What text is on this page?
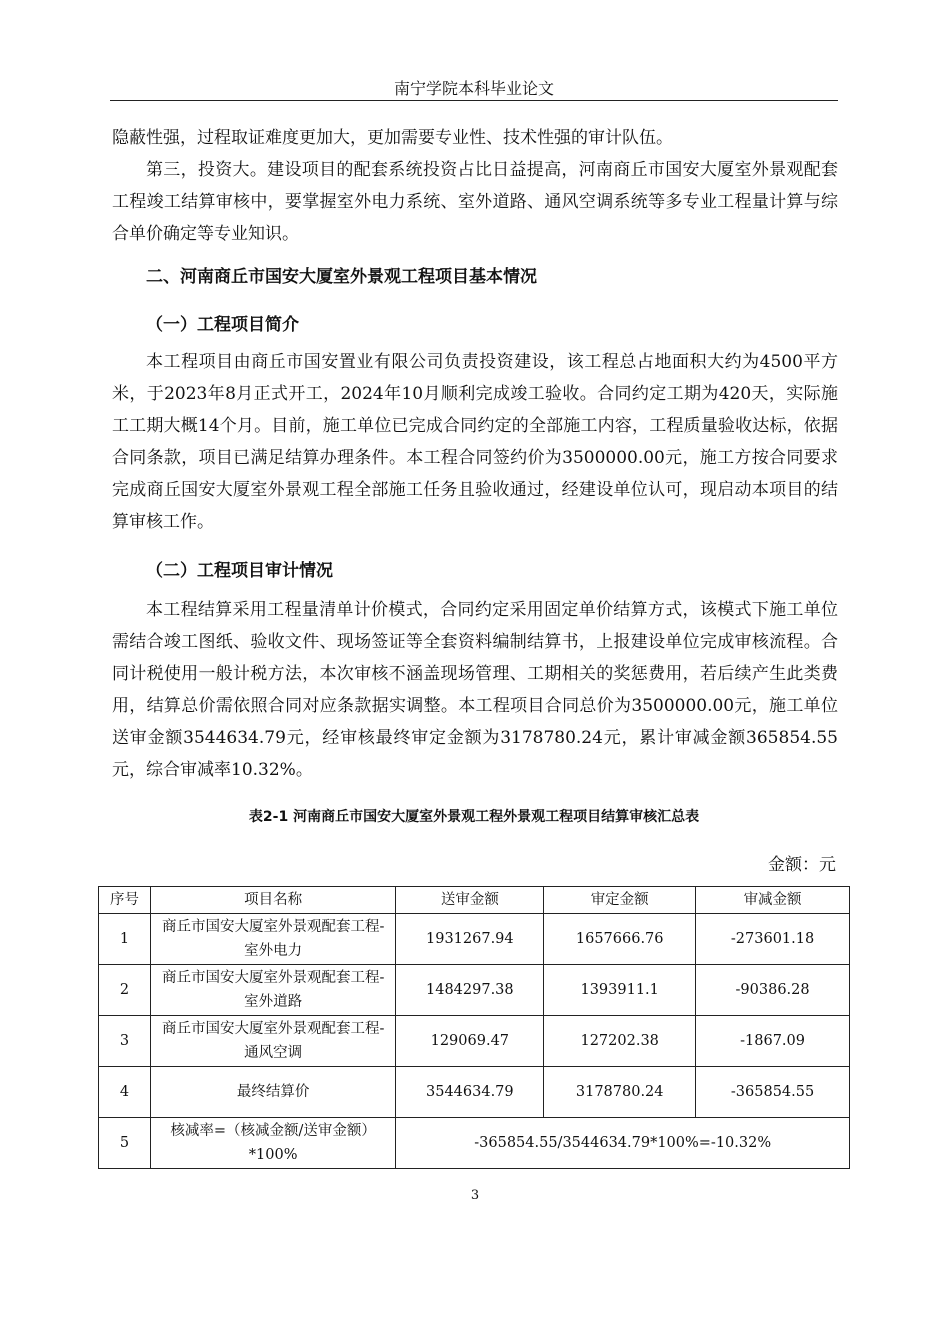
南宁学院本科毕业论文

隐蔽性强，过程取证难度更加大，更加需要专业性、技术性强的审计队伍。

第三，投资大。建设项目的配套系统投资占比日益提高，河南商丘市国安大厦室外景观配套工程竣工结算审核中，要掌握室外电力系统、室外道路、通风空调系统等多专业工程量计算与综合单价确定等专业知识。

二、河南商丘市国安大厦室外景观工程项目基本情况

（一）工程项目简介

本工程项目由商丘市国安置业有限公司负责投资建设，该工程总占地面积大约为4500平方米，于2023年8月正式开工，2024年10月顺利完成竣工验收。合同约定工期为420天，实际施工工期大概14个月。目前，施工单位已完成合同约定的全部施工内容，工程质量验收达标，依据合同条款，项目已满足结算办理条件。本工程合同签约价为3500000.00元，施工方按合同要求完成商丘国安大厦室外景观工程全部施工任务且验收通过，经建设单位认可，现启动本项目的结算审核工作。

（二）工程项目审计情况

本工程结算采用工程量清单计价模式，合同约定采用固定单价结算方式，该模式下施工单位需结合竣工图纸、验收文件、现场签证等全套资料编制结算书，上报建设单位完成审核流程。合同计税使用一般计税方法，本次审核不涵盖现场管理、工期相关的奖惩费用，若后续产生此类费用，结算总价需依照合同对应条款据实调整。本工程项目合同总价为3500000.00元，施工单位送审金额3544634.79元，经审核最终审定金额为3178780.24元，累计审减金额365854.55元，综合审减率10.32%。

表2-1 河南商丘市国安大厦室外景观工程外景观工程项目结算审核汇总表
金额：元
序号	项目名称	送审金额	审定金额	审减金额
1	商丘市国安大厦室外景观配套工程-室外电力	1931267.94	1657666.76	-273601.18
2	商丘市国安大厦室外景观配套工程-室外道路	1484297.38	1393911.1	-90386.28
3	商丘市国安大厦室外景观配套工程-通风空调	129069.47	127202.38	-1867.09
4	最终结算价	3544634.79	3178780.24	-365854.55
5	核减率=（核减金额/送审金额）*100%	-365854.55/3544634.79*100%=-10.32%		
3
